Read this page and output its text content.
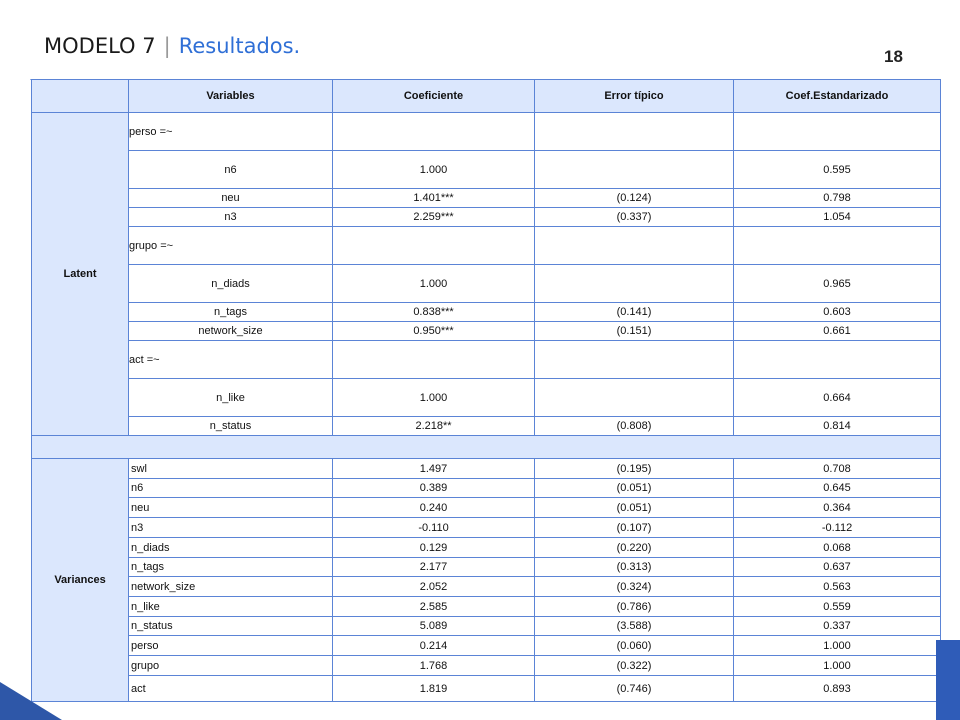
MODELO 7 | Resultados.	18
	Variables	Coeficiente	Error típico	Coef.Estandarizado
Latent	perso =~			
	n6	1.000		0.595
	neu	1.401***	(0.124)	0.798
	n3	2.259***	(0.337)	1.054
	grupo =~			
	n_diads	1.000		0.965
	n_tags	0.838***	(0.141)	0.603
	network_size	0.950***	(0.151)	0.661
	act =~			
	n_like	1.000		0.664
	n_status	2.218**	(0.808)	0.814

Variances	swl	1.497	(0.195)	0.708
	n6	0.389	(0.051)	0.645
	neu	0.240	(0.051)	0.364
	n3	-0.110	(0.107)	-0.112
	n_diads	0.129	(0.220)	0.068
	n_tags	2.177	(0.313)	0.637
	network_size	2.052	(0.324)	0.563
	n_like	2.585	(0.786)	0.559
	n_status	5.089	(3.588)	0.337
	perso	0.214	(0.060)	1.000
	grupo	1.768	(0.322)	1.000
	act	1.819	(0.746)	0.893
